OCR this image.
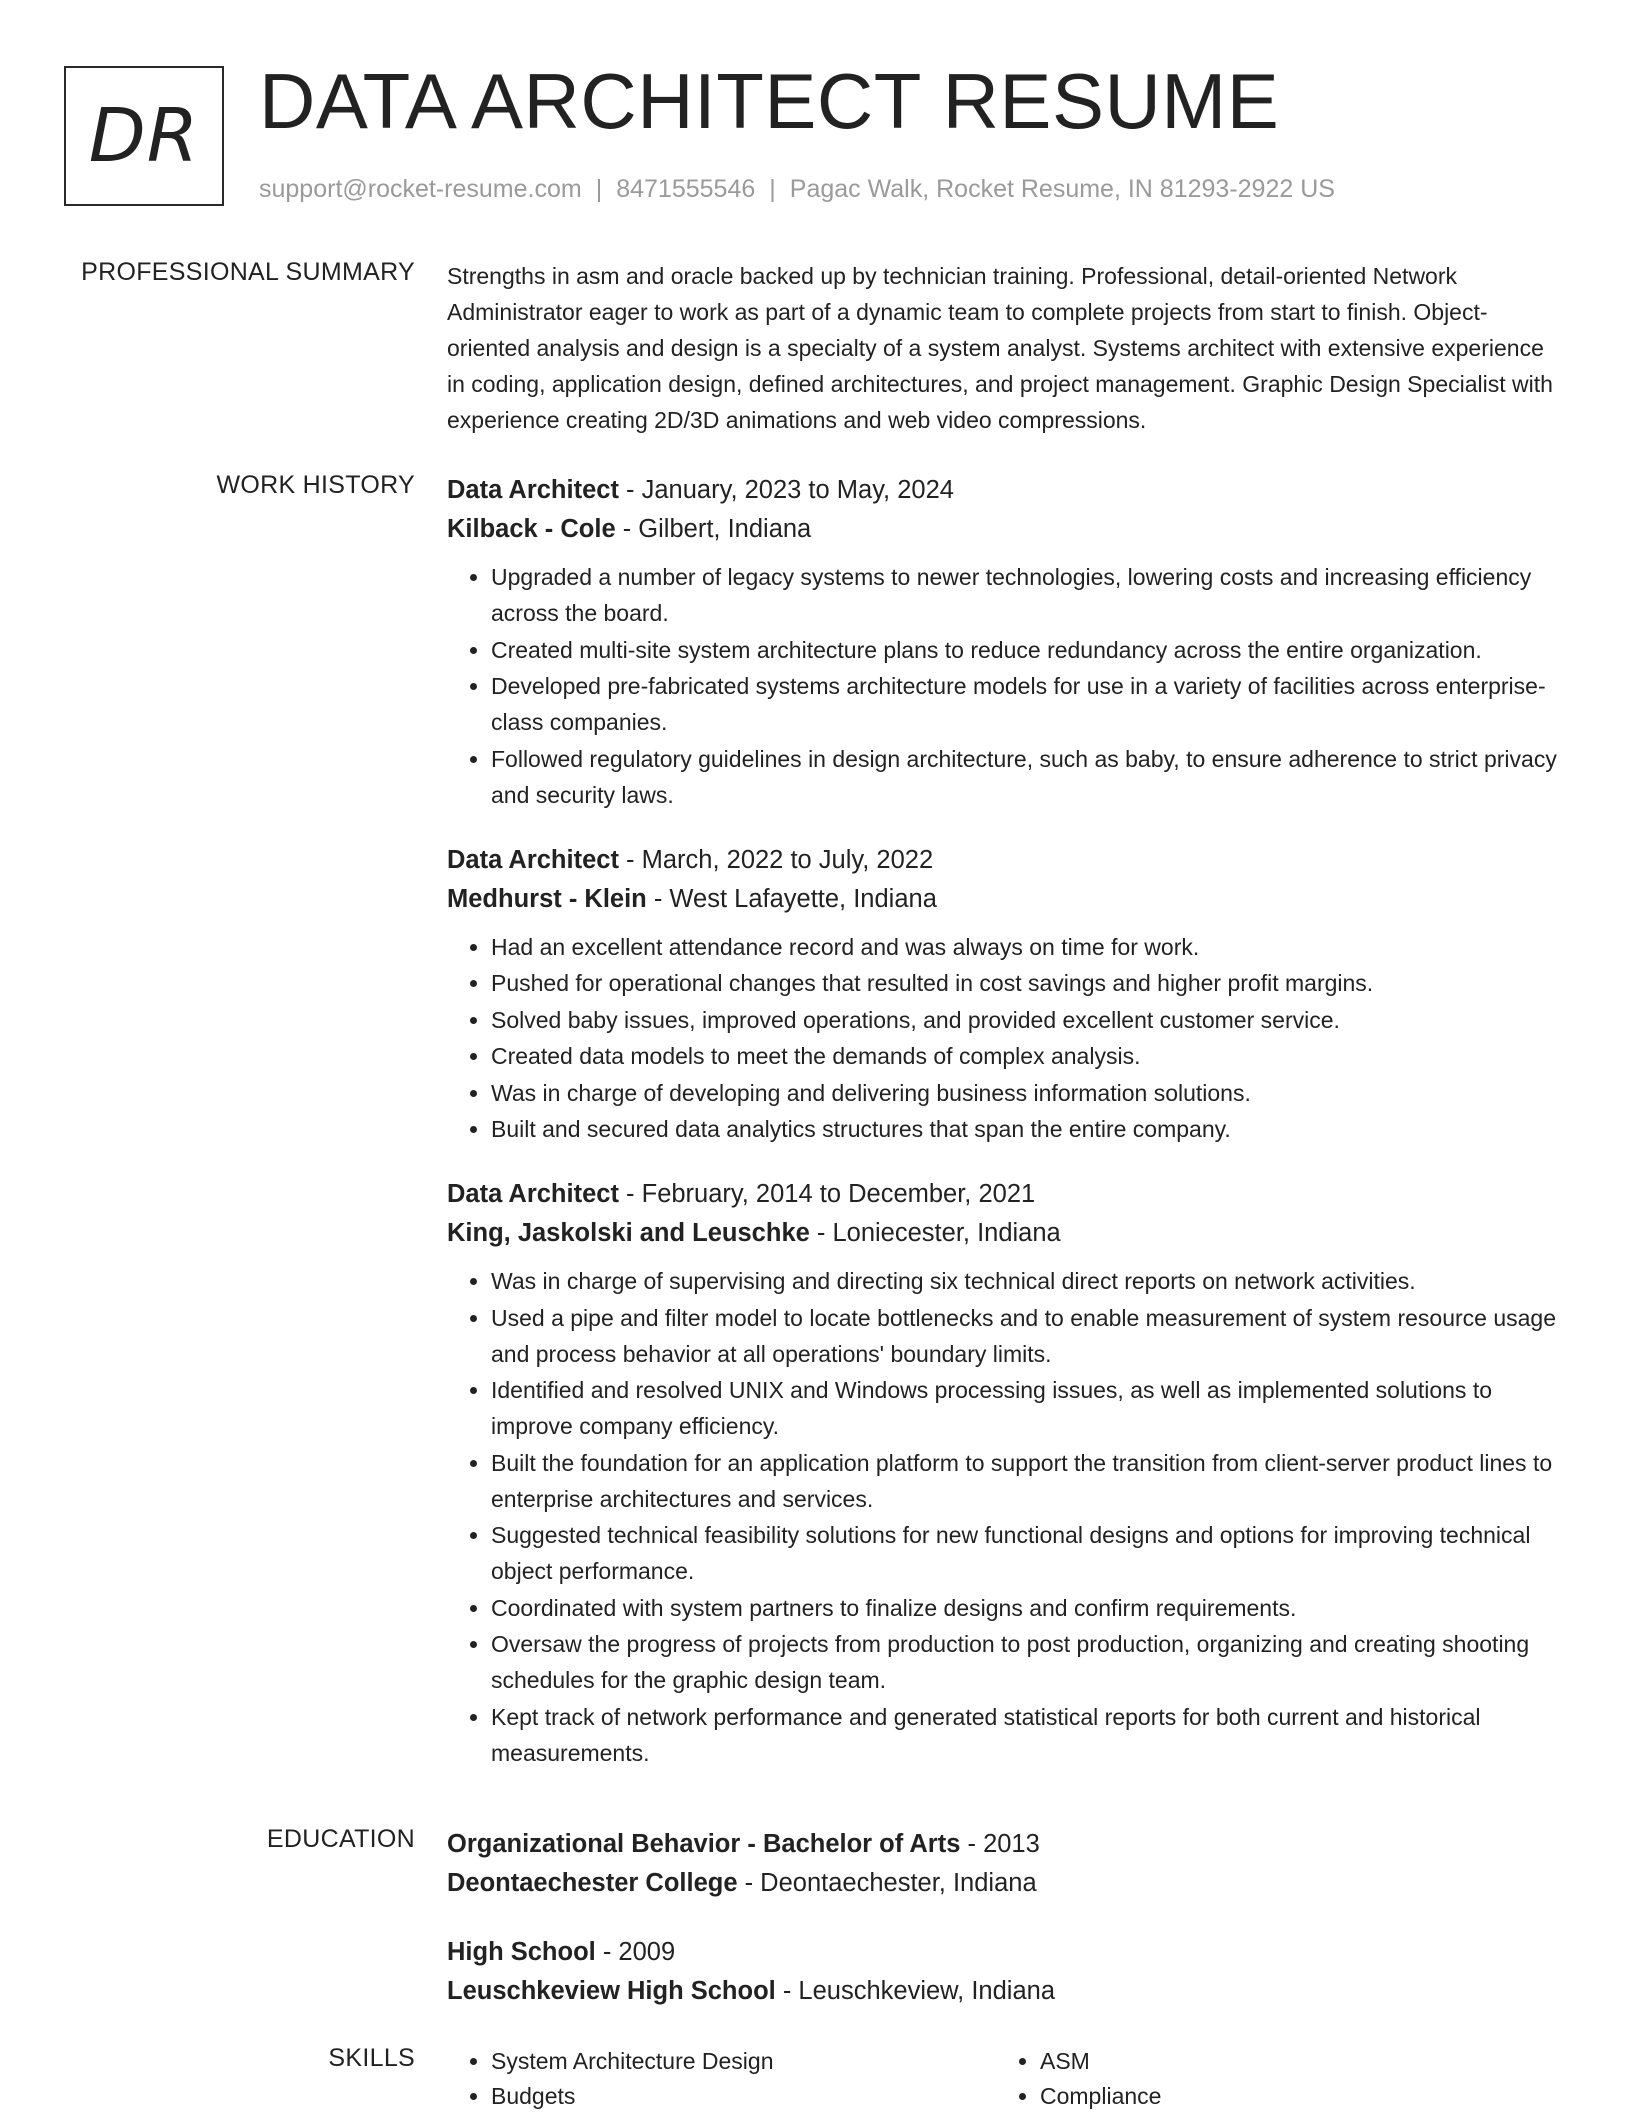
DR DATA ARCHITECT RESUME
support@rocket-resume.com | 8471555546 | Pagac Walk, Rocket Resume, IN 81293-2922 US
PROFESSIONAL SUMMARY Strengths in asm and oracle backed up by technician training. Professional, detail-oriented Network Administrator eager to work as part of a dynamic team to complete projects from start to finish. Object-oriented analysis and design is a specialty of a system analyst. Systems architect with extensive experience in coding, application design, defined architectures, and project management. Graphic Design Specialist with experience creating 2D/3D animations and web video compressions.

WORK HISTORY Data Architect - January, 2023 to May, 2024
Kilback - Cole - Gilbert, Indiana
• Upgraded a number of legacy systems to newer technologies, lowering costs and increasing efficiency across the board.
• Created multi-site system architecture plans to reduce redundancy across the entire organization.
• Developed pre-fabricated systems architecture models for use in a variety of facilities across enterprise-class companies.
• Followed regulatory guidelines in design architecture, such as baby, to ensure adherence to strict privacy and security laws.
Data Architect - March, 2022 to July, 2022
Medhurst - Klein - West Lafayette, Indiana
• Had an excellent attendance record and was always on time for work.
• Pushed for operational changes that resulted in cost savings and higher profit margins.
• Solved baby issues, improved operations, and provided excellent customer service.
• Created data models to meet the demands of complex analysis.
• Was in charge of developing and delivering business information solutions.
• Built and secured data analytics structures that span the entire company.
Data Architect - February, 2014 to December, 2021
King, Jaskolski and Leuschke - Loniecester, Indiana
• Was in charge of supervising and directing six technical direct reports on network activities.
• Used a pipe and filter model to locate bottlenecks and to enable measurement of system resource usage and process behavior at all operations' boundary limits.
• Identified and resolved UNIX and Windows processing issues, as well as implemented solutions to improve company efficiency.
• Built the foundation for an application platform to support the transition from client-server product lines to enterprise architectures and services.
• Suggested technical feasibility solutions for new functional designs and options for improving technical object performance.
• Coordinated with system partners to finalize designs and confirm requirements.
• Oversaw the progress of projects from production to post production, organizing and creating shooting schedules for the graphic design team.
• Kept track of network performance and generated statistical reports for both current and historical measurements.
EDUCATION Organizational Behavior - Bachelor of Arts - 2013
Deontaechester College - Deontaechester, Indiana
High School - 2009
Leuschkeview High School - Leuschkeview, Indiana
SKILLS
•	System Architecture Design
• Budgets
• ASM
• Compliance
